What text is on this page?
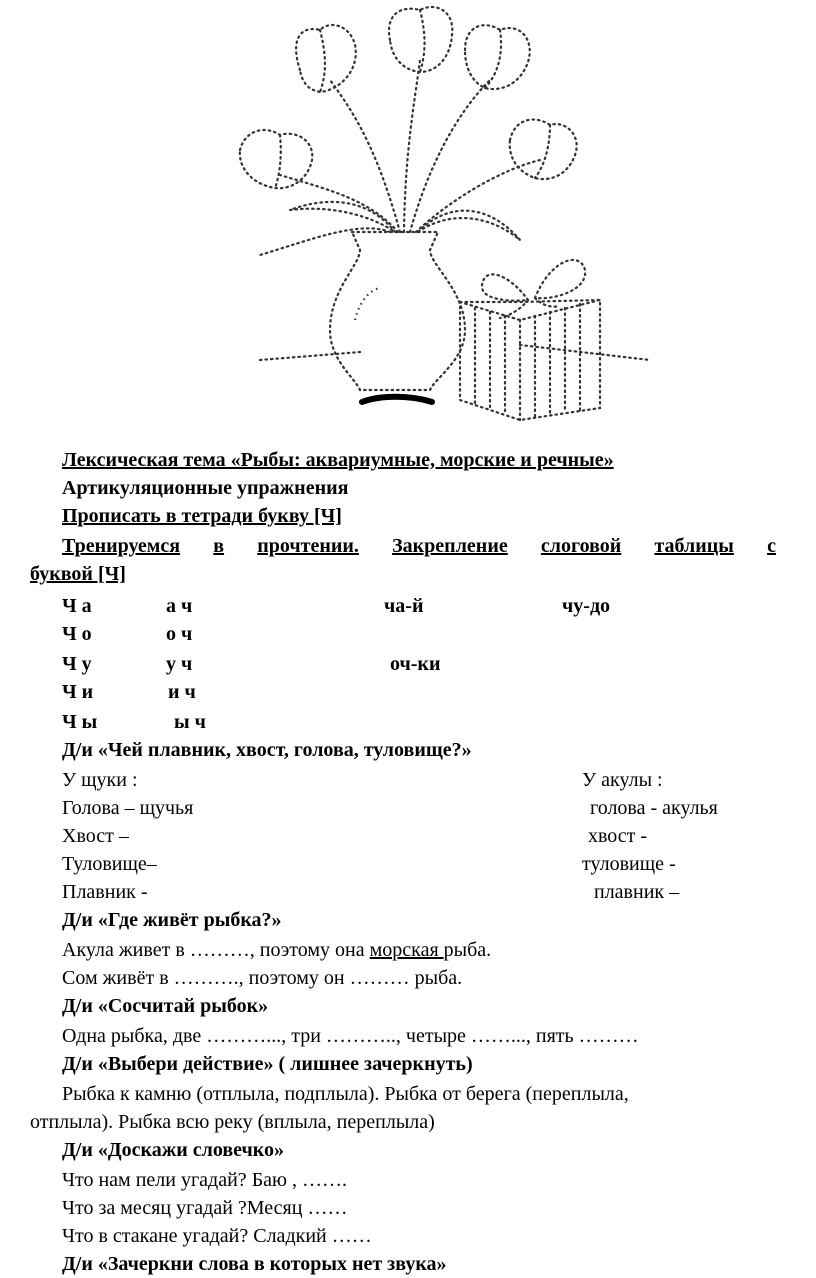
Лексическая тема «Рыбы: аквариумные, морские и речные»
Артикуляционные упражнения
Прописать в тетради букву [Ч]
Тренируемся в прочтении. Закрепление слоговой таблицы с
буквой [Ч]
Ч а	а ч	ча-й	чу-до
Ч о	о ч
Ч у	у ч	оч-ки
Ч и	и ч
Ч ы	ы ч
Д/и «Чей плавник, хвост, голова, туловище?»
У щуки :	У акулы :
Голова – щучья	голова - акулья
Хвост –	хвост -
Туловище–	туловище -
Плавник -	плавник –
Д/и «Где живёт рыбка?»
Акула живет в ………, поэтому она морская рыба.
Сом живёт в ………., поэтому он ……… рыба.
Д/и «Сосчитай рыбок»
Одна рыбка, две ………..., три ……….., четыре ……..., пять ………
Д/и «Выбери действие» ( лишнее зачеркнуть)
Рыбка к камню (отплыла, подплыла). Рыбка от берега (переплыла,
отплыла). Рыбка всю реку (вплыла, переплыла)
Д/и «Доскажи словечко»
Что нам пели угадай? Баю , …….
Что за месяц угадай ?Месяц ……
Что в стакане угадай? Сладкий ……
Д/и «Зачеркни слова в которых нет звука»
